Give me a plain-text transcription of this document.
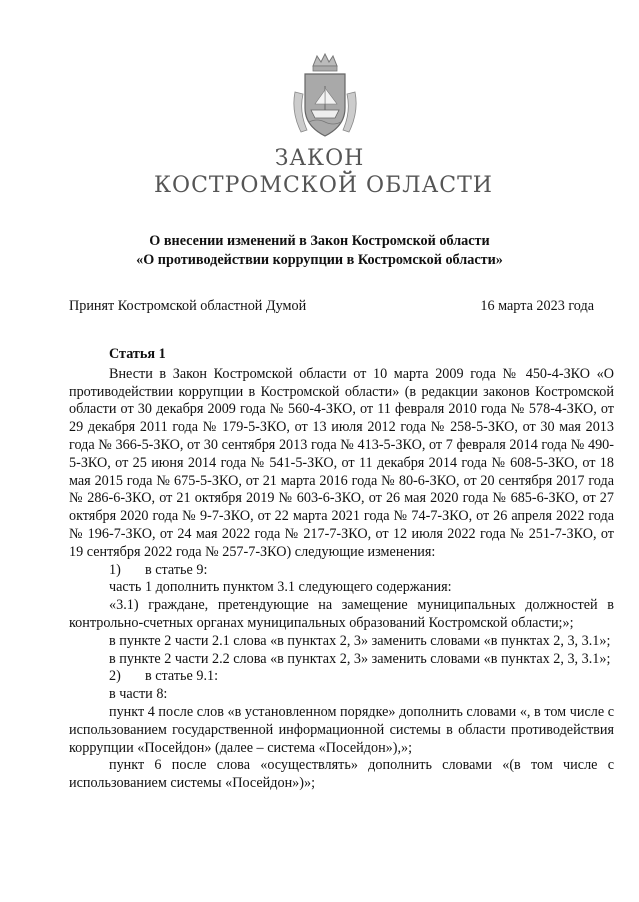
ЗАКОН
КОСТРОМСКОЙ ОБЛАСТИ
О внесении изменений в Закон Костромской области
«О противодействии коррупции в Костромской области»
Принят Костромской областной Думой	16 марта 2023 года

Статья 1

Внести в Закон Костромской области от 10 марта 2009 года № 450-4-ЗКО «О противодействии коррупции в Костромской области» (в редакции законов Костромской области от 30 декабря 2009 года № 560-4-ЗКО, от 11 февраля 2010 года № 578-4-ЗКО, от 29 декабря 2011 года № 179-5-ЗКО, от 13 июля 2012 года № 258-5-ЗКО, от 30 мая 2013 года № 366-5-ЗКО, от 30 сентября 2013 года № 413-5-ЗКО, от 7 февраля 2014 года № 490-5-ЗКО, от 25 июня 2014 года № 541-5-ЗКО, от 11 декабря 2014 года № 608-5-ЗКО, от 18 мая 2015 года № 675-5-ЗКО, от 21 марта 2016 года № 80-6-ЗКО, от 20 сентября 2017 года № 286-6-ЗКО, от 21 октября 2019 № 603-6-ЗКО, от 26 мая 2020 года № 685-6-ЗКО, от 27 октября 2020 года № 9-7-ЗКО, от 22 марта 2021 года № 74-7-ЗКО, от 26 апреля 2022 года № 196-7-ЗКО, от 24 мая 2022 года № 217-7-ЗКО, от 12 июля 2022 года № 251-7-ЗКО, от 19 сентября 2022 года № 257-7-ЗКО) следующие изменения:

1) в статье 9:

часть 1 дополнить пунктом 3.1 следующего содержания:

«3.1) граждане, претендующие на замещение муниципальных должностей в контрольно-счетных органах муниципальных образований Костромской области;»;

в пункте 2 части 2.1 слова «в пунктах 2, 3» заменить словами «в пунктах 2, 3, 3.1»;

в пункте 2 части 2.2 слова «в пунктах 2, 3» заменить словами «в пунктах 2, 3, 3.1»;

2) в статье 9.1:

в части 8:

пункт 4 после слов «в установленном порядке» дополнить словами «, в том числе с использованием государственной информационной системы в области противодействия коррупции «Посейдон» (далее – система «Посейдон»),»;

пункт 6 после слова «осуществлять» дополнить словами «(в том числе с использованием системы «Посейдон»)»;
